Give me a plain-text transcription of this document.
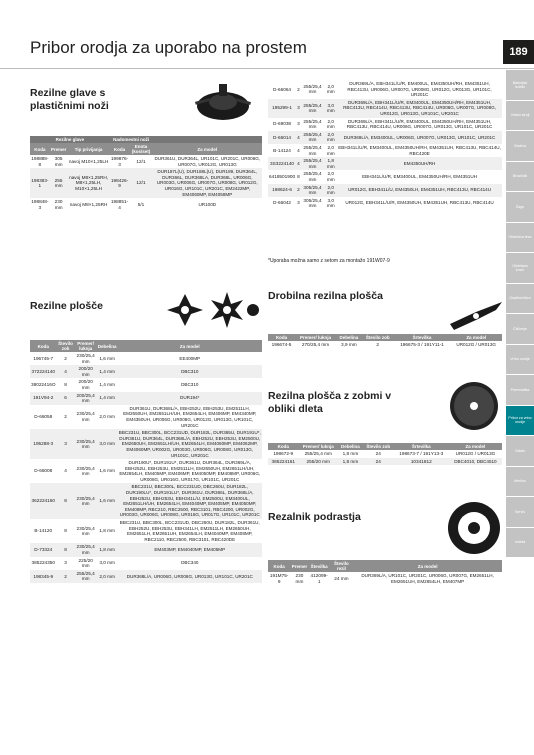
Pribor orodja za uporabo na prostem	189
Baterijski izdelki
Vrtalni stroji
Kladiva
Brusilniki
Žage
Obdelava lesa
Obdelava kovin
Gradbeništvo
Čiščenje
Vrtno orodje
Pnevmatika
Pribor za vrtno orodje
Ostalo
Merilno
Servis
Indeks
Rezilne glave s plastičnimi noži
Rezilne glave			Nadomestni noži		
Koda	Premer	Tip privijanja	Koda	Enota (kos/set)	Za model
198888-8	305 mm	navoj M10×1,25LH	199876-3	12/1	DUR361U, DUR364L, UR101C, UR201C, UR006G, UR007G, UR012G, UR013G
198383-1	255 mm	navoj M8×1,25RH, M8×1,25LH, M10×1,25LH	198426-9	12/1	DUR187L(U), DUR188L(U), DUR189, DUR364L, DUR366L, DUR368LA, DUR368L, UR006G, UR003G, UR006G, UR007G, UR008G, UR012G, UR016G, UR101C, UR201C, EM2422MP, EM4060MP, EM4058MP
198848-3	230 mm	navoj M8×1,25RH	198851-4	5/1	UR100D
Rezilne plošče
Koda	Število zob	Premer/ luknja	Debelina	Za model
196745-7	2	230/25,4 mm	1,6 mm	EE400MP
372224140	4	200/20 mm	1,4 mm	DBC310
38022416O	8	200/20 mm	1,4 mm	DBC310
191V94-2	6	200/25,4 mm	1,4 mm	DUR194*
D-66058	2	230/25,4 mm	2,0 mm	DUR361U, DUR368L/A, EBH252U, EBH253U, EM2511LH, EM2650UH, EM2651LH/UH, EM2654LH, EM406MP, EM4340MP, EM4350UH, UR006G, UR008G, UR012G, UR013G, UR101C, UR201C
195288-3	3	230/25,4 mm	3,0 mm	BBC231U, BBC300L, BCC231UD, DUR182L, DUR365U, DUR191U*, DUR361U, DUR364L, DUR368L/A, EBH252U, EBH253U, EM2500U, EM2650UH, EM2651LH/UH, EM2654LH, EM4060MP, EM4062MP, EM4060MP, UR002G, UR003G, UR006G, UR008G, UR013G, UR101C, UR201C
D-66008	4	230/25,4 mm	1,6 mm	DUR190U*, DUR191U*, DUR361U, DUR364L, DUR369L/A, EBH252U, EBH253U, EM2511LH, EM2650UH, EM2651LH/UH, EM2654LH, EM405MP, EM406MP, EM4050MP, EM408MP, UR006G, UR008G, UR016G, UR017G, UR101C, UR201C
362224160	8	230/25,4 mm	1,6 mm	BBC231U, BBC300L, BCC231UD, DBC260U, DUR182L, DUR190LU*, DUR191LU*, DUR361U, DUR366L, DUR368L/A, EBH252U, EBH253U, EBH341L/U, EM2500U, EM3400UL, EM2651LH/UH, EM2654LH, EM4040MP, EM405MP, EM4050MP, EM408MP, RBC210, RBC2500, RBC3101, RBC4200, UR002G, UR003G, UR006G, UR008G, UR016G, UR017G, UR101C, UR201C
B-14120	8	230/25,4 mm	1,8 mm	BBC231U, BBC300L, BCC231UD, DBC260U, DUR182L, DUR361U, EBH252U, EBH253U, EBH341LH, EM2511LH, EM2650UH, EM2651LH, EM2651UH, EM2654LH, EM4040MP, EM408MP, RBC2110, RBC2500, RBC3101, RBC420DE
D-73324	8	230/25,4 mm	1,8 mm	EM403MP, EM4040MP, EM405MP
385224350	3	225/20 mm	3,0 mm	DBC340
198345-9	2	255/25,4 mm	2,0 mm	DUR368L/A, UR006G, UR008G, UR013G, UR101C, UR201C
D-66064	2	255/25,4 mm	2,0 mm	DUR369L/A, EBH341L/U/R, EM400UL, EM4350UH/RH, EM4351UH, RBC413U, UR006G, UR007G, UR008G, UR012G, UR013G, UR101C, UR201C
195299-1	3	255/25,4 mm	3,0 mm	DUR369L/A, EBH341L/U/R, EM3400UL, EM4350UH/RH, EM4351UH, RBC413U, RBC414U, RBC413U, RBC414U, UR006G, UR007G, UR008G, UR012G, UR013G, UR101C, UR201C
D-69038	3	255/25,4 mm	2,0 mm	DUR369L/A, EBH341L/U/R, EM3400UL, EM4350UH/RH, EM4351UH, RBC413U, RBC414U, UR006G, UR007G, UR013G, UR101C, UR201C
D-66014	4	255/25,4 mm	2,0 mm	DUR369L/A, EM3400UL, UR006G, UR007G, UR013G, UR101C, UR201C
B-14124	4	255/25,4 mm	2,0 mm	EBH341L/U/R, EM3400UL, EM4350UH/RH, EM4351UH, RBC413U, RBC414U, RBC420E
3S3224140	4	255/25,4 mm	1,8 mm	EM4350UH/RH
6418501900	8	255/25,4 mm	2,0 mm	EBH341L/U/R, EM3400UL, EM4350UH/RH, EM4351UH
198624-6	2	305/25,4 mm	2,0 mm	UR012G, EBH341L/U, EM4350LH, EM4351UH, RBC413U, RBC414U
D-66042	3	305/25,4 mm	3,0 mm	UR012G, EBH341L/U/R, EM4350UH, EM4351UH, RBC413U, RBC414U
*Uporaba možna samo z setom za montažo 191W07-9
Drobilna rezilna plošča
Koda	Premer/ luknja	Debelina	Število zob	Šrtevilka	Za model
196674-5	270/25,4 mm	3,9 mm	2	196675-3 / 191Y11-1	UR012G / UR013G
Rezilna plošča z zobmi v obliki dleta
Koda	Premer/ luknja	Debelina	Število zob	Šrtevilka	Za model
198672-9	255/25,4 mm	1,8 mm	24	198673-7 / 191Y13-3	UR012G / UR013G
385224161	255/20 mm	1,8 mm	24	10341812	DBC4010, DBC4510
Rezalnik podrastja
Koda	Premer	Številka	Število rezil	Za model
191M75-9	230 mm	412099-1	24 mm	DUR369L/A, UR101C, UR201C, UR006G, UR007G, EM2651LH, EM2651UH, EM2654LH, EM407MP
